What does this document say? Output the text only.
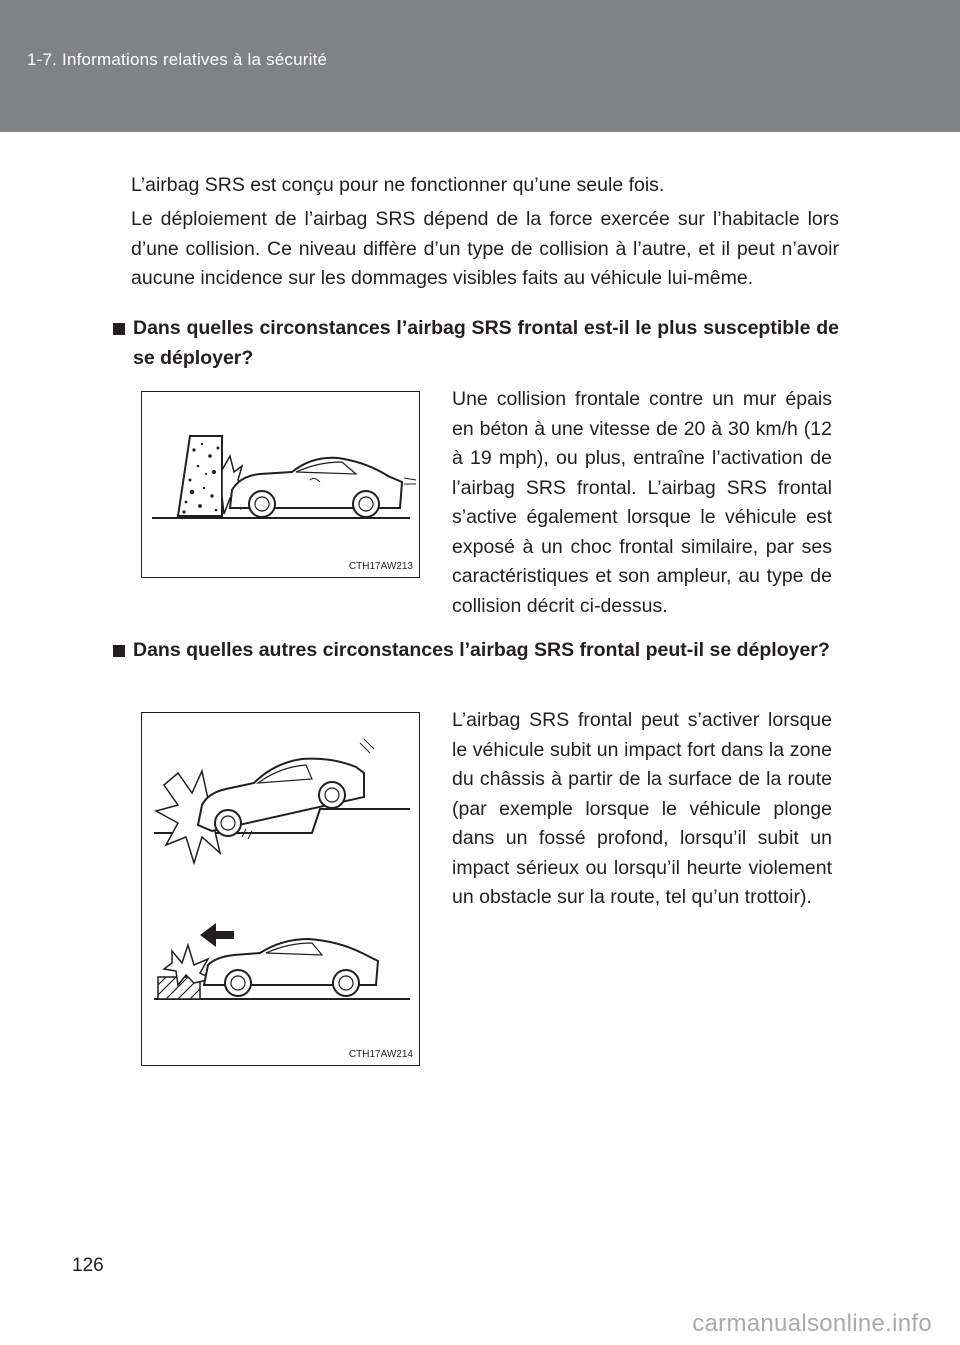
1-7. Informations relatives à la sécurité

L’airbag SRS est conçu pour ne fonctionner qu’une seule fois.

Le déploiement de l’airbag SRS dépend de la force exercée sur l’habitacle lors d’une collision. Ce niveau diffère d’un type de collision à l’autre, et il peut n’avoir aucune incidence sur les dommages visibles faits au véhicule lui-même.

Dans quelles circonstances l’airbag SRS frontal est-il le plus susceptible de se déployer?

CTH17AW213

Une collision frontale contre un mur épais en béton à une vitesse de 20 à 30 km/h (12 à 19 mph), ou plus, entraîne l’activation de l’airbag SRS frontal. L’airbag SRS frontal s’active également lorsque le véhicule est exposé à un choc frontal similaire, par ses caractéristiques et son ampleur, au type de collision décrit ci-dessus.

Dans quelles autres circonstances l’airbag SRS frontal peut-il se déployer?

CTH17AW214

L’airbag SRS frontal peut s’activer lorsque le véhicule subit un impact fort dans la zone du châssis à partir de la surface de la route (par exemple lorsque le véhicule plonge dans un fossé profond, lorsqu’il subit un impact sérieux ou lorsqu’il heurte violement un obstacle sur la route, tel qu’un trottoir).

126
carmanualsonline.info
